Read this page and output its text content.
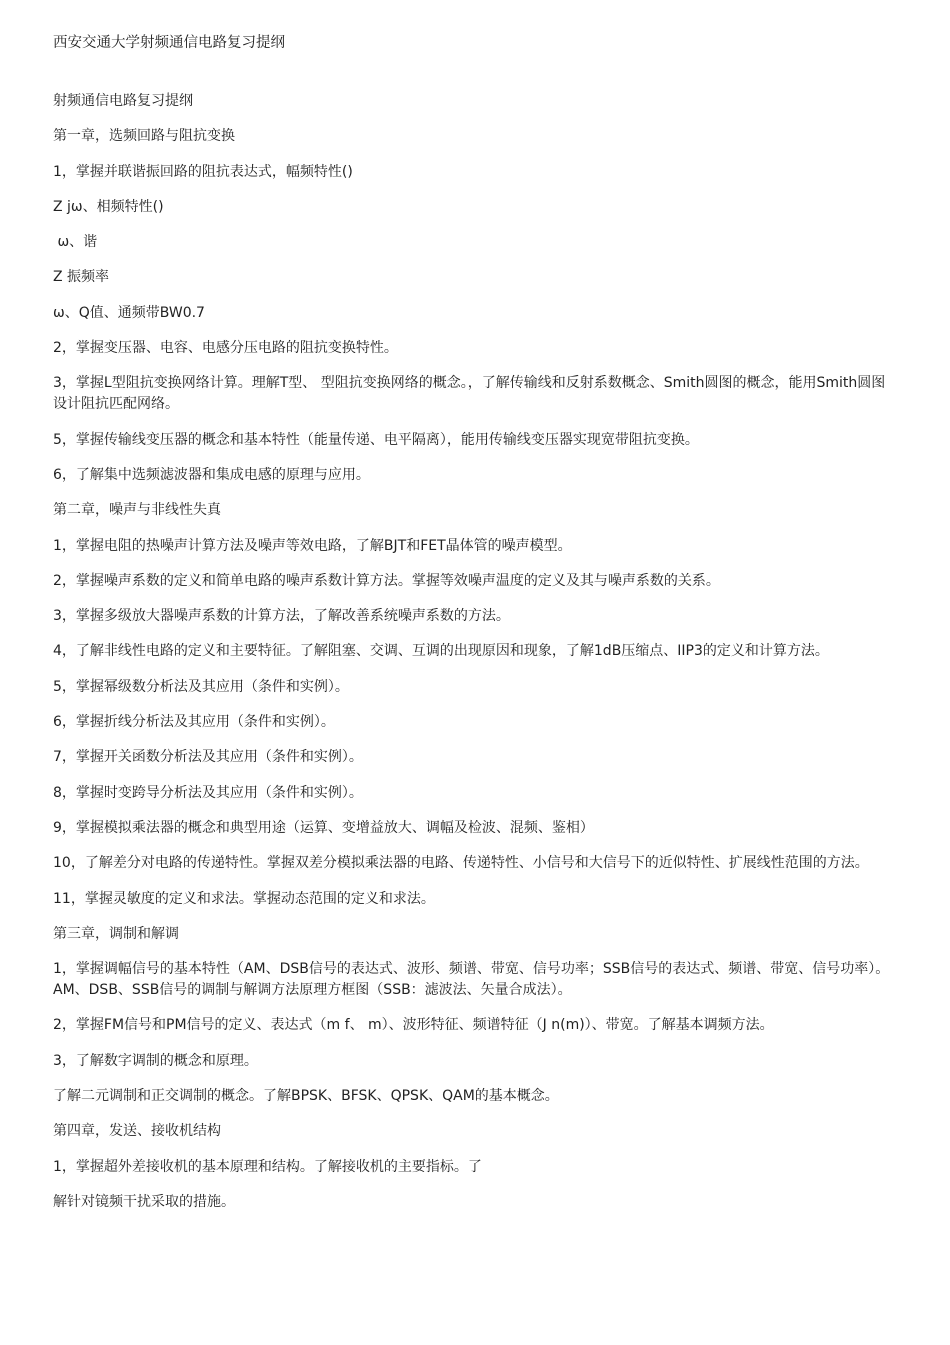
西安交通大学射频通信电路复习提纲

射频通信电路复习提纲

第一章，选频回路与阻抗变换

1，掌握并联谐振回路的阻抗表达式，幅频特性()

Z jω、相频特性()

ω、谐

Z 振频率

ω、Q值、通频带BW0.7

2，掌握变压器、电容、电感分压电路的阻抗变换特性。

3，掌握L型阻抗变换网络计算。理解T型、 型阻抗变换网络的概念。，了解传输线和反射系数概念、Smith圆图的概念，能用Smith圆图设计阻抗匹配网络。

5，掌握传输线变压器的概念和基本特性（能量传递、电平隔离），能用传输线变压器实现宽带阻抗变换。

6，了解集中选频滤波器和集成电感的原理与应用。

第二章，噪声与非线性失真

1，掌握电阻的热噪声计算方法及噪声等效电路，了解BJT和FET晶体管的噪声模型。

2，掌握噪声系数的定义和简单电路的噪声系数计算方法。掌握等效噪声温度的定义及其与噪声系数的关系。

3，掌握多级放大器噪声系数的计算方法，了解改善系统噪声系数的方法。

4，了解非线性电路的定义和主要特征。了解阻塞、交调、互调的出现原因和现象，了解1dB压缩点、IIP3的定义和计算方法。

5，掌握幂级数分析法及其应用（条件和实例）。

6，掌握折线分析法及其应用（条件和实例）。

7，掌握开关函数分析法及其应用（条件和实例）。

8，掌握时变跨导分析法及其应用（条件和实例）。

9，掌握模拟乘法器的概念和典型用途（运算、变增益放大、调幅及检波、混频、鉴相）

10，了解差分对电路的传递特性。掌握双差分模拟乘法器的电路、传递特性、小信号和大信号下的近似特性、扩展线性范围的方法。

11，掌握灵敏度的定义和求法。掌握动态范围的定义和求法。

第三章，调制和解调

1，掌握调幅信号的基本特性（AM、DSB信号的表达式、波形、频谱、带宽、信号功率；SSB信号的表达式、频谱、带宽、信号功率）。AM、DSB、SSB信号的调制与解调方法原理方框图（SSB：滤波法、矢量合成法）。

2，掌握FM信号和PM信号的定义、表达式（m f、 m）、波形特征、频谱特征（J n(m)）、带宽。了解基本调频方法。

3，了解数字调制的概念和原理。

了解二元调制和正交调制的概念。了解BPSK、BFSK、QPSK、QAM的基本概念。

第四章，发送、接收机结构

1，掌握超外差接收机的基本原理和结构。了解接收机的主要指标。了

解针对镜频干扰采取的措施。
